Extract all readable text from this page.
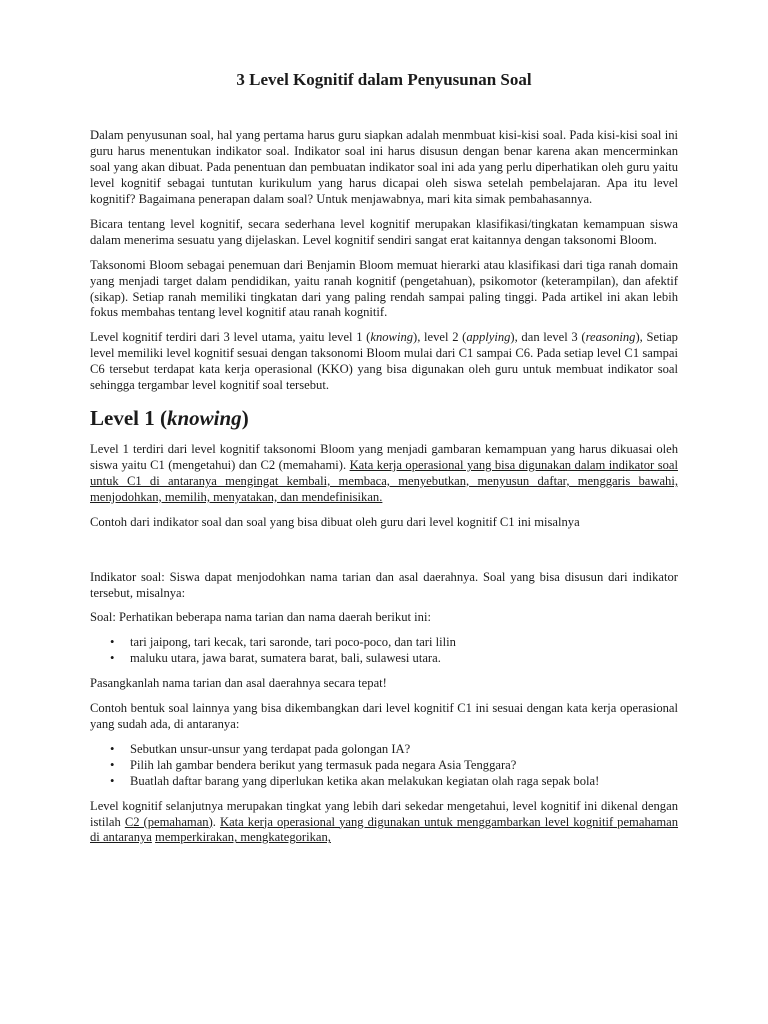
3 Level Kognitif dalam Penyusunan Soal

Dalam penyusunan soal, hal yang pertama harus guru siapkan adalah menmbuat kisi-kisi soal. Pada kisi-kisi soal ini guru harus menentukan indikator soal. Indikator soal ini harus disusun dengan benar karena akan mencerminkan soal yang akan dibuat. Pada penentuan dan pembuatan indikator soal ini ada yang perlu diperhatikan oleh guru yaitu level kognitif sebagai tuntutan kurikulum yang harus dicapai oleh siswa setelah pembelajaran. Apa itu level kognitif? Bagaimana penerapan dalam soal? Untuk menjawabnya, mari kita simak pembahasannya.

Bicara tentang level kognitif, secara sederhana level kognitif merupakan klasifikasi/tingkatan kemampuan siswa dalam menerima sesuatu yang dijelaskan. Level kognitif sendiri sangat erat kaitannya dengan taksonomi Bloom.

Taksonomi Bloom sebagai penemuan dari Benjamin Bloom memuat hierarki atau klasifikasi dari tiga ranah domain yang menjadi target dalam pendidikan, yaitu ranah kognitif (pengetahuan), psikomotor (keterampilan), dan afektif (sikap). Setiap ranah memiliki tingkatan dari yang paling rendah sampai paling tinggi. Pada artikel ini akan lebih fokus membahas tentang level kognitif atau ranah kognitif.

Level kognitif terdiri dari 3 level utama, yaitu level 1 (knowing), level 2 (applying), dan level 3 (reasoning), Setiap level memiliki level kognitif sesuai dengan taksonomi Bloom mulai dari C1 sampai C6. Pada setiap level C1 sampai C6 tersebut terdapat kata kerja operasional (KKO) yang bisa digunakan oleh guru untuk membuat indikator soal sehingga tergambar level kognitif soal tersebut.

Level 1 (knowing)

Level 1 terdiri dari level kognitif taksonomi Bloom yang menjadi gambaran kemampuan yang harus dikuasai oleh siswa yaitu C1 (mengetahui) dan C2 (memahami). Kata kerja operasional yang bisa digunakan dalam indikator soal untuk C1 di antaranya mengingat kembali, membaca, menyebutkan, menyusun daftar, menggaris bawahi, menjodohkan, memilih, menyatakan, dan mendefinisikan.

Contoh dari indikator soal dan soal yang bisa dibuat oleh guru dari level kognitif C1 ini misalnya

Indikator soal: Siswa dapat menjodohkan nama tarian dan asal daerahnya. Soal yang bisa disusun dari indikator tersebut, misalnya:

Soal: Perhatikan beberapa nama tarian dan nama daerah berikut ini:

• tari jaipong, tari kecak, tari saronde, tari poco-poco, dan tari lilin
• maluku utara, jawa barat, sumatera barat, bali, sulawesi utara.

Pasangkanlah nama tarian dan asal daerahnya secara tepat!

Contoh bentuk soal lainnya yang bisa dikembangkan dari level kognitif C1 ini sesuai dengan kata kerja operasional yang sudah ada, di antaranya:

• Sebutkan unsur-unsur yang terdapat pada golongan IA?
• Pilih lah gambar bendera berikut yang termasuk pada negara Asia Tenggara?
• Buatlah daftar barang yang diperlukan ketika akan melakukan kegiatan olah raga sepak bola!

Level kognitif selanjutnya merupakan tingkat yang lebih dari sekedar mengetahui, level kognitif ini dikenal dengan istilah C2 (pemahaman). Kata kerja operasional yang digunakan untuk menggambarkan level kognitif pemahaman di antaranya memperkirakan, mengkategorikan,
